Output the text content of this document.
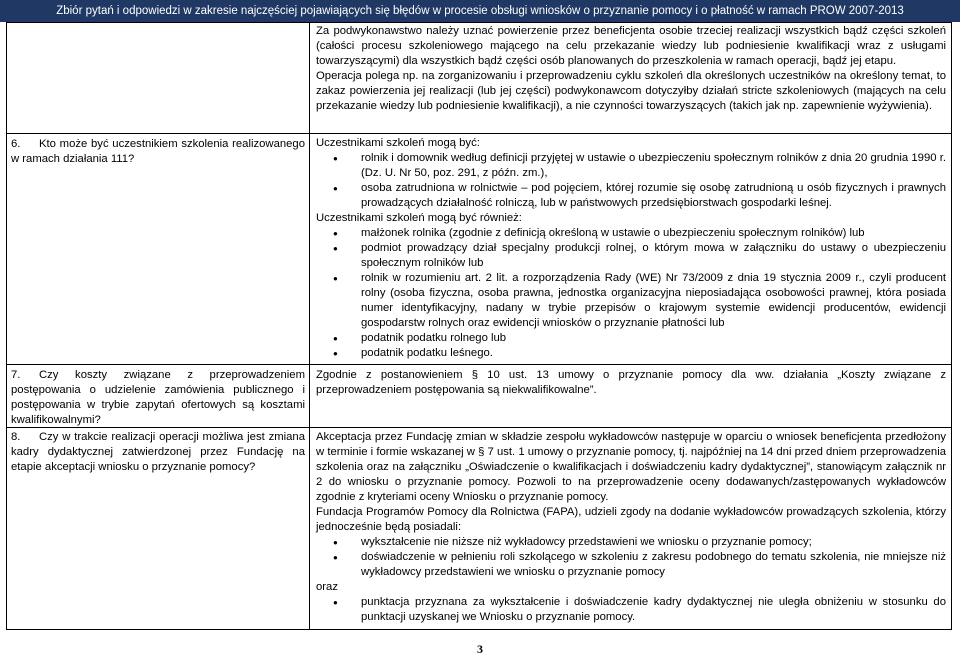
Zbiór pytań i odpowiedzi w zakresie najczęściej pojawiających się błędów w procesie obsługi wniosków o przyznanie pomocy i o płatność w ramach PROW 2007-2013

Za podwykonawstwo należy uznać powierzenie przez beneficjenta osobie trzeciej realizacji wszystkich bądź części szkoleń (całości procesu szkoleniowego mającego na celu przekazanie wiedzy lub podniesienie kwalifikacji wraz z usługami towarzyszącymi) dla wszystkich bądź części osób planowanych do przeszkolenia w ramach operacji, bądź jej etapu.

Operacja polega np. na zorganizowaniu i przeprowadzeniu cyklu szkoleń dla określonych uczestników na określony temat, to zakaz powierzenia jej realizacji (lub jej części) podwykonawcom dotyczyłby działań stricte szkoleniowych (mających na celu przekazanie wiedzy lub podniesienie kwalifikacji), a nie czynności towarzyszących (takich jak np. zapewnienie wyżywienia).

6. Kto może być uczestnikiem szkolenia realizowanego w ramach działania 111?

Uczestnikami szkoleń mogą być:

● rolnik i domownik według definicji przyjętej w ustawie o ubezpieczeniu społecznym rolników z dnia 20 grudnia 1990 r. (Dz. U. Nr 50, poz. 291, z późn. zm.),
● osoba zatrudniona w rolnictwie – pod pojęciem, której rozumie się osobę zatrudnioną u osób fizycznych i prawnych prowadzących działalność rolniczą, lub w państwowych przedsiębiorstwach gospodarki leśnej.

Uczestnikami szkoleń mogą być również:

● małżonek rolnika (zgodnie z definicją określoną w ustawie o ubezpieczeniu społecznym rolników) lub
● podmiot prowadzący dział specjalny produkcji rolnej, o którym mowa w załączniku do ustawy o ubezpieczeniu społecznym rolników lub
● rolnik w rozumieniu art. 2 lit. a rozporządzenia Rady (WE) Nr 73/2009 z dnia 19 stycznia 2009 r., czyli producent rolny (osoba fizyczna, osoba prawna, jednostka organizacyjna nieposiadająca osobowości prawnej, która posiada numer identyfikacyjny, nadany w trybie przepisów o krajowym systemie ewidencji producentów, ewidencji gospodarstw rolnych oraz ewidencji wniosków o przyznanie płatności lub
● podatnik podatku rolnego lub
● podatnik podatku leśnego.
7. Czy koszty związane z przeprowadzeniem postępowania o udzielenie zamówienia publicznego i postępowania w trybie zapytań ofertowych są kosztami kwalifikowalnymi?

Zgodnie z postanowieniem § 10 ust. 13 umowy o przyznanie pomocy dla ww. działania „Koszty związane z przeprowadzeniem postępowania są niekwalifikowalne”.

8. Czy w trakcie realizacji operacji możliwa jest zmiana kadry dydaktycznej zatwierdzonej przez Fundację na etapie akceptacji wniosku o przyznanie pomocy?

Akceptacja przez Fundację zmian w składzie zespołu wykładowców następuje w oparciu o wniosek beneficjenta przedłożony w terminie i formie wskazanej w § 7 ust. 1 umowy o przyznanie pomocy, tj. najpóźniej na 14 dni przed dniem przeprowadzenia szkolenia oraz na załączniku „Oświadczenie o kwalifikacjach i doświadczeniu kadry dydaktycznej”, stanowiącym załącznik nr 2 do wniosku o przyznanie pomocy. Pozwoli to na przeprowadzenie oceny dodawanych/zastępowanych wykładowców zgodnie z kryteriami oceny Wniosku o przyznanie pomocy.

Fundacja Programów Pomocy dla Rolnictwa (FAPA), udzieli zgody na dodanie wykładowców prowadzących szkolenia, którzy jednocześnie będą posiadali:

● wykształcenie nie niższe niż wykładowcy przedstawieni we wniosku o przyznanie pomocy;
● doświadczenie w pełnieniu roli szkolącego w szkoleniu z zakresu podobnego do tematu szkolenia, nie mniejsze niż wykładowcy przedstawieni we wniosku o przyznanie pomocy

oraz

● punktacja przyznana za wykształcenie i doświadczenie kadry dydaktycznej nie uległa obniżeniu w stosunku do punktacji uzyskanej we Wniosku o przyznanie pomocy.
3
